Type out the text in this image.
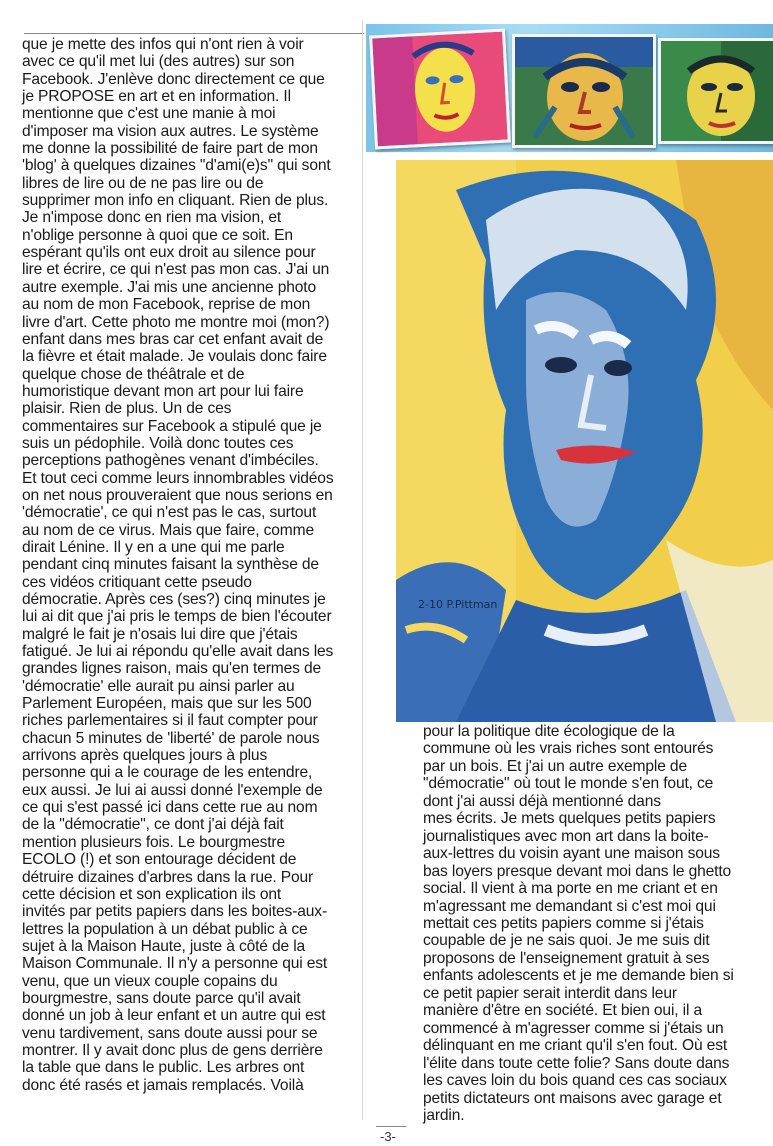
que je mette des infos qui n'ont rien à voir

avec ce qu'il met lui (des autres) sur son

Facebook. J'enlève donc directement ce que

je PROPOSE en art et en information. Il

mentionne que c'est une manie à moi

d'imposer ma vision aux autres. Le système

me donne la possibilité de faire part de mon

'blog' à quelques dizaines "d'ami(e)s" qui sont

libres de lire ou de ne pas lire ou de

supprimer mon info en cliquant. Rien de plus.

Je n'impose donc en rien ma vision, et

n'oblige personne à quoi que ce soit. En

espérant qu'ils ont eux droit au silence pour

lire et écrire, ce qui n'est pas mon cas. J'ai un

autre exemple. J'ai mis une ancienne photo

au nom de mon Facebook, reprise de mon

livre d'art. Cette photo me montre moi (mon?)

enfant dans mes bras car cet enfant avait de

la fièvre et était malade. Je voulais donc faire

quelque chose de théâtrale et de

humoristique devant mon art pour lui faire

plaisir. Rien de plus. Un de ces

commentaires sur Facebook a stipulé que je

suis un pédophile. Voilà donc toutes ces

perceptions pathogènes venant d'imbéciles.

Et tout ceci comme leurs innombrables vidéos

on net nous prouveraient que nous serions en

'démocratie', ce qui n'est pas le cas, surtout

au nom de ce virus. Mais que faire, comme

dirait Lénine. Il y en a une qui me parle

pendant cinq minutes faisant la synthèse de

ces vidéos critiquant cette pseudo

démocratie. Après ces (ses?) cinq minutes je

lui ai dit que j'ai pris le temps de bien l'écouter

malgré le fait je n'osais lui dire que j'étais

fatigué. Je lui ai répondu qu'elle avait dans les

grandes lignes raison, mais qu'en termes de

'démocratie' elle aurait pu ainsi parler au

Parlement Européen, mais que sur les 500

riches parlementaires si il faut compter pour

chacun 5 minutes de 'liberté' de parole nous

arrivons après quelques jours à plus

personne qui a le courage de les entendre,

eux aussi. Je lui ai aussi donné l'exemple de

ce qui s'est passé ici dans cette rue au nom

de la "démocratie", ce dont j'ai déjà fait

mention plusieurs fois. Le bourgmestre

ECOLO (!) et son entourage décident de

détruire dizaines d'arbres dans la rue. Pour

cette décision et son explication ils ont

invités par petits papiers dans les boites-aux-

lettres la population à un débat public à ce

sujet à la Maison Haute, juste à côté de la

Maison Communale. Il n'y a personne qui est

venu, que un vieux couple copains du

bourgmestre, sans doute parce qu'il avait

donné un job à leur enfant et un autre qui est

venu tardivement, sans doute aussi pour se

montrer. Il y avait donc plus de gens derrière

la table que dans le public. Les arbres ont

donc été rasés et jamais remplacés. Voilà

2-10 P.Pittman

pour la politique dite écologique de la

commune où les vrais riches sont entourés

par un bois. Et j'ai un autre exemple de

"démocratie" où tout le monde s'en fout, ce

dont j'ai aussi déjà mentionné dans

mes écrits. Je mets quelques petits papiers

journalistiques avec mon art dans la boite-

aux-lettres du voisin ayant une maison sous

bas loyers presque devant moi dans le ghetto

social. Il vient à ma porte en me criant et en

m'agressant me demandant si c'est moi qui

mettait ces petits papiers comme si j'étais

coupable de je ne sais quoi. Je me suis dit

proposons de l'enseignement gratuit à ses

enfants adolescents et je me demande bien si

ce petit papier serait interdit dans leur

manière d'être en société. Et bien oui, il a

commencé à m'agresser comme si j'étais un

délinquant en me criant qu'il s'en fout. Où est

l'élite dans toute cette folie? Sans doute dans

les caves loin du bois quand ces cas sociaux

petits dictateurs ont maisons avec garage et

jardin.

-3-
